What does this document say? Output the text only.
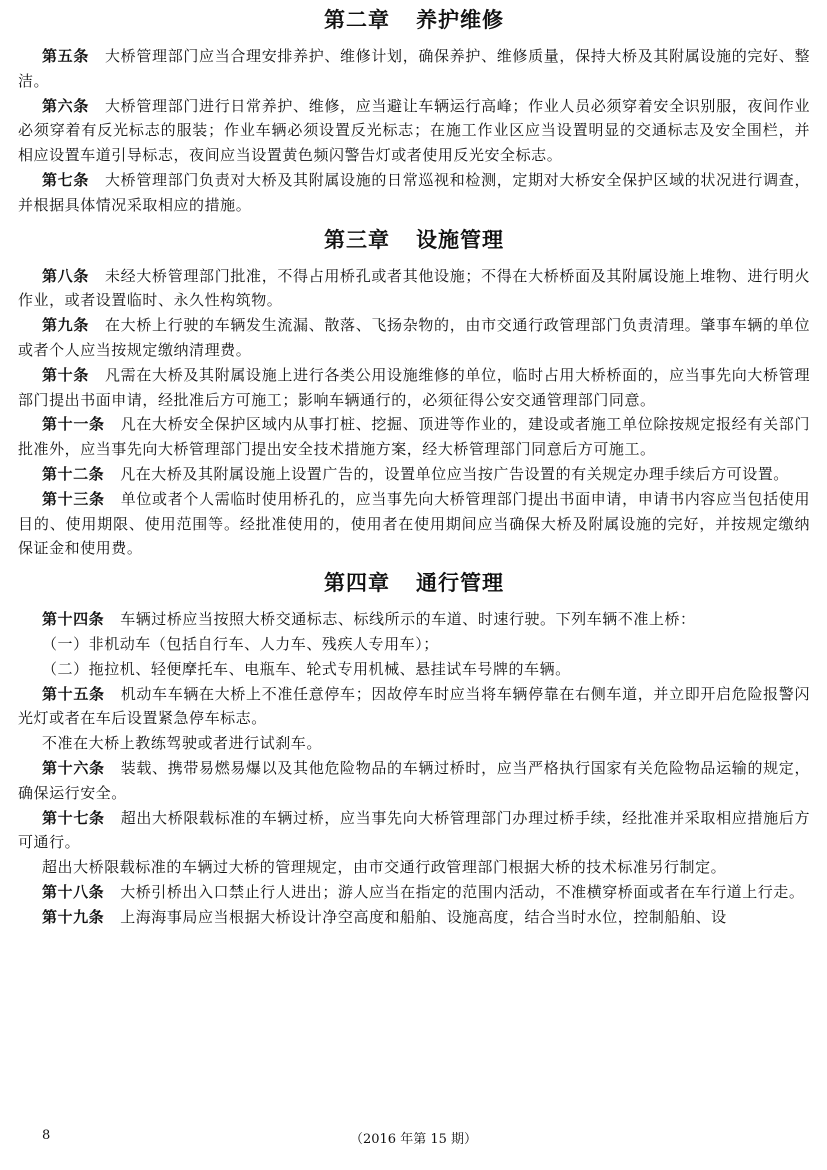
第二章 养护维修

第五条 大桥管理部门应当合理安排养护、维修计划，确保养护、维修质量，保持大桥及其附属设施的完好、整洁。

第六条 大桥管理部门进行日常养护、维修，应当避让车辆运行高峰；作业人员必须穿着安全识别服，夜间作业必须穿着有反光标志的服装；作业车辆必须设置反光标志；在施工作业区应当设置明显的交通标志及安全围栏，并相应设置车道引导标志，夜间应当设置黄色频闪警告灯或者使用反光安全标志。

第七条 大桥管理部门负责对大桥及其附属设施的日常巡视和检测，定期对大桥安全保护区域的状况进行调查，并根据具体情况采取相应的措施。

第三章 设施管理

第八条 未经大桥管理部门批准，不得占用桥孔或者其他设施；不得在大桥桥面及其附属设施上堆物、进行明火作业，或者设置临时、永久性构筑物。

第九条 在大桥上行驶的车辆发生流漏、散落、飞扬杂物的，由市交通行政管理部门负责清理。肇事车辆的单位或者个人应当按规定缴纳清理费。

第十条 凡需在大桥及其附属设施上进行各类公用设施维修的单位，临时占用大桥桥面的，应当事先向大桥管理部门提出书面申请，经批准后方可施工；影响车辆通行的，必须征得公安交通管理部门同意。

第十一条 凡在大桥安全保护区域内从事打桩、挖掘、顶进等作业的，建设或者施工单位除按规定报经有关部门批准外，应当事先向大桥管理部门提出安全技术措施方案，经大桥管理部门同意后方可施工。

第十二条 凡在大桥及其附属设施上设置广告的，设置单位应当按广告设置的有关规定办理手续后方可设置。

第十三条 单位或者个人需临时使用桥孔的，应当事先向大桥管理部门提出书面申请，申请书内容应当包括使用目的、使用期限、使用范围等。经批准使用的，使用者在使用期间应当确保大桥及附属设施的完好，并按规定缴纳保证金和使用费。

第四章 通行管理

第十四条 车辆过桥应当按照大桥交通标志、标线所示的车道、时速行驶。下列车辆不准上桥：

（一）非机动车（包括自行车、人力车、残疾人专用车）；

（二）拖拉机、轻便摩托车、电瓶车、轮式专用机械、悬挂试车号牌的车辆。

第十五条 机动车车辆在大桥上不准任意停车；因故停车时应当将车辆停靠在右侧车道，并立即开启危险报警闪光灯或者在车后设置紧急停车标志。

不准在大桥上教练驾驶或者进行试刹车。

第十六条 装载、携带易燃易爆以及其他危险物品的车辆过桥时，应当严格执行国家有关危险物品运输的规定，确保运行安全。

第十七条 超出大桥限载标准的车辆过桥，应当事先向大桥管理部门办理过桥手续，经批准并采取相应措施后方可通行。

超出大桥限载标准的车辆过大桥的管理规定，由市交通行政管理部门根据大桥的技术标准另行制定。

第十八条 大桥引桥出入口禁止行人进出；游人应当在指定的范围内活动，不准横穿桥面或者在车行道上行走。

第十九条 上海海事局应当根据大桥设计净空高度和船舶、设施高度，结合当时水位，控制船舶、设

8	（2016 年第 15 期）
